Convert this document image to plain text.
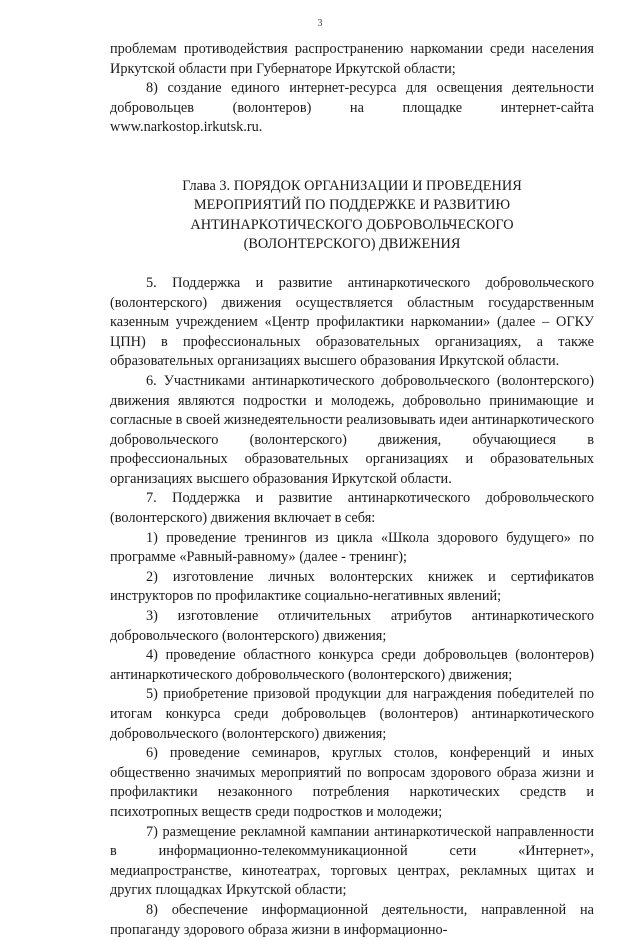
3

проблемам противодействия распространению наркомании среди населения Иркутской области при Губернаторе Иркутской области;

8) создание единого интернет-ресурса для освещения деятельности добровольцев (волонтеров) на площадке интернет-сайта www.narkostop.irkutsk.ru.

Глава 3. ПОРЯДОК ОРГАНИЗАЦИИ И ПРОВЕДЕНИЯ
МЕРОПРИЯТИЙ ПО ПОДДЕРЖКЕ И РАЗВИТИЮ
АНТИНАРКОТИЧЕСКОГО ДОБРОВОЛЬЧЕСКОГО
(ВОЛОНТЕРСКОГО) ДВИЖЕНИЯ

5. Поддержка и развитие антинаркотического добровольческого (волонтерского) движения осуществляется областным государственным казенным учреждением «Центр профилактики наркомании» (далее – ОГКУ ЦПН) в профессиональных образовательных организациях, а также образовательных организациях высшего образования Иркутской области.

6. Участниками антинаркотического добровольческого (волонтерского) движения являются подростки и молодежь, добровольно принимающие и согласные в своей жизнедеятельности реализовывать идеи антинаркотического добровольческого (волонтерского) движения, обучающиеся в профессиональных образовательных организациях и образовательных организациях высшего образования Иркутской области.

7. Поддержка и развитие антинаркотического добровольческого (волонтерского) движения включает в себя:

1) проведение тренингов из цикла «Школа здорового будущего» по программе «Равный-равному» (далее - тренинг);

2) изготовление личных волонтерских книжек и сертификатов инструкторов по профилактике социально-негативных явлений;

3) изготовление отличительных атрибутов антинаркотического добровольческого (волонтерского) движения;

4) проведение областного конкурса среди добровольцев (волонтеров) антинаркотического добровольческого (волонтерского) движения;

5) приобретение призовой продукции для награждения победителей по итогам конкурса среди добровольцев (волонтеров) антинаркотического добровольческого (волонтерского) движения;

6) проведение семинаров, круглых столов, конференций и иных общественно значимых мероприятий по вопросам здорового образа жизни и профилактики незаконного потребления наркотических средств и психотропных веществ среди подростков и молодежи;

7) размещение рекламной кампании антинаркотической направленности в информационно-телекоммуникационной сети «Интернет», медиапространстве, кинотеатрах, торговых центрах, рекламных щитах и других площадках Иркутской области;

8) обеспечение информационной деятельности, направленной на пропаганду здорового образа жизни в информационно-
